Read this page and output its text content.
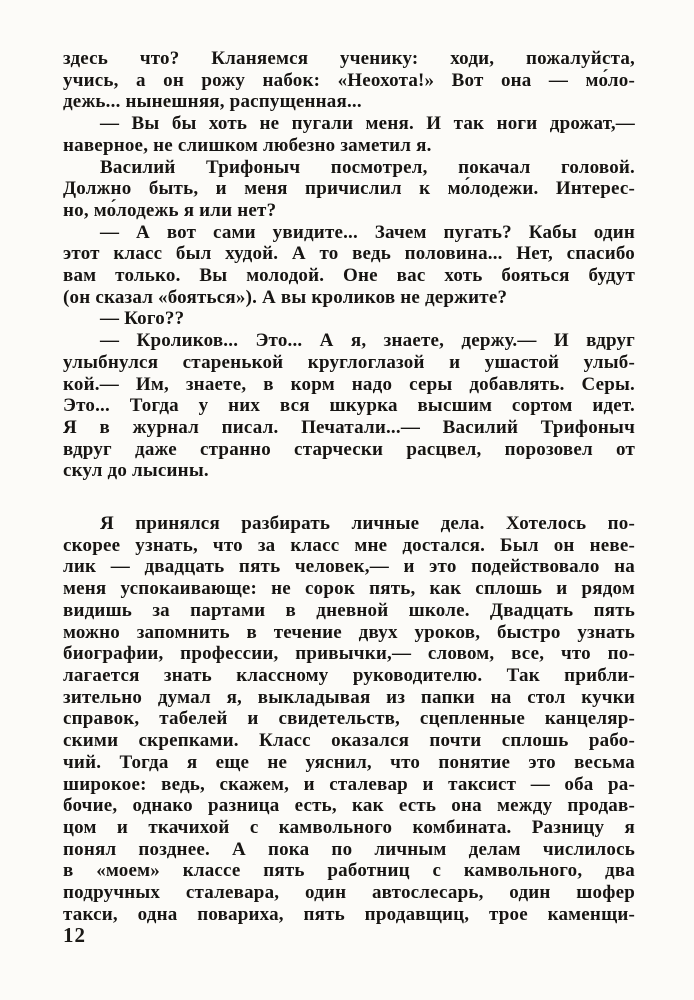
здесь что? Кланяемся ученику: ходи, пожалуйста,
учись, а он рожу набок: «Неохота!» Вот она — мо́ло-
дежь... нынешняя, распущенная...

— Вы бы хоть не пугали меня. И так ноги дрожат,—
наверное, не слишком любезно заметил я.

Василий Трифоныч посмотрел, покачал головой.
Должно быть, и меня причислил к мо́лодежи. Интерес-
но, мо́лодежь я или нет?

— А вот сами увидите... Зачем пугать? Кабы один
этот класс был худой. А то ведь половина... Нет, спасибо
вам только. Вы молодой. Оне вас хоть бояться будут
(он сказал «бояться»). А вы кроликов не держите?

— Кого??

— Кроликов... Это... А я, знаете, держу.— И вдруг
улыбнулся старенькой круглоглазой и ушастой улыб-
кой.— Им, знаете, в корм надо серы добавлять. Серы.
Это... Тогда у них вся шкурка высшим сортом идет.
Я в журнал писал. Печатали...— Василий Трифоныч
вдруг даже странно старчески расцвел, порозовел от
скул до лысины.

Я принялся разбирать личные дела. Хотелось по-
скорее узнать, что за класс мне достался. Был он неве-
лик — двадцать пять человек,— и это подействовало на
меня успокаивающе: не сорок пять, как сплошь и рядом
видишь за партами в дневной школе. Двадцать пять
можно запомнить в течение двух уроков, быстро узнать
биографии, профессии, привычки,— словом, все, что по-
лагается знать классному руководителю. Так прибли-
зительно думал я, выкладывая из папки на стол кучки
справок, табелей и свидетельств, сцепленные канцеляр-
скими скрепками. Класс оказался почти сплошь рабо-
чий. Тогда я еще не уяснил, что понятие это весьма
широкое: ведь, скажем, и сталевар и таксист — оба ра-
бочие, однако разница есть, как есть она между продав-
цом и ткачихой с камвольного комбината. Разницу я
понял позднее. А пока по личным делам числилось
в «моем» классе пять работниц с камвольного, два
подручных сталевара, один автослесарь, один шофер
такси, одна повариха, пять продавщиц, трое каменщи-

12
